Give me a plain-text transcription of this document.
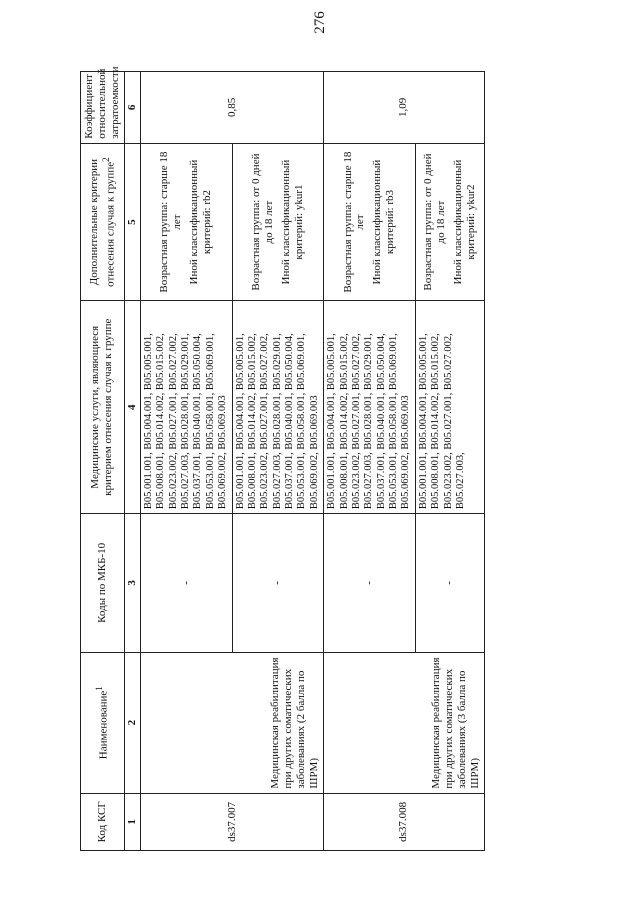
276
Код КСГ	Наименование$^1$	Коды по МКБ-10	Медицинские услуги, являющиеся критерием отнесения случая к группе	Дополнительные критерии отнесения случая к группе$^2$	Коэффициент относительной затратоемкости
1	2	3	4	5	6
ds37.007	Медицинская реабилитация при других соматических заболеваниях (2 балла по ШРМ)	-	B05.001.001, B05.004.001, B05.005.001, B05.008.001, B05.014.002, B05.015.002, B05.023.002, B05.027.001, B05.027.002, B05.027.003, B05.028.001, B05.029.001, B05.037.001, B05.040.001, B05.050.004, B05.053.001, B05.058.001, B05.069.001, B05.069.002, B05.069.003	Возрастная группа: старше 18 лет Иной классификационный критерий: rb2	0,85
		-	B05.001.001, B05.004.001, B05.005.001, B05.008.001, B05.014.002, B05.015.002, B05.023.002, B05.027.001, B05.027.002, B05.027.003, B05.028.001, B05.029.001, B05.037.001, B05.040.001, B05.050.004, B05.053.001, B05.058.001, B05.069.001, B05.069.002, B05.069.003	Возрастная группа: от 0 дней до 18 лет Иной классификационный критерий: ykur1	

ds37.008	Медицинская реабилитация при других соматических заболеваниях (3 балла по ШРМ)	-	B05.001.001, B05.004.001, B05.005.001, B05.008.001, B05.014.002, B05.015.002, B05.023.002, B05.027.001, B05.027.002, B05.027.003, B05.028.001, B05.029.001, B05.037.001, B05.040.001, B05.050.004, B05.053.001, B05.058.001, B05.069.001, B05.069.002, B05.069.003	Возрастная группа: старше 18 лет Иной классификационный критерий: rb3	1,09
		-	B05.001.001, B05.004.001, B05.005.001, B05.008.001, B05.014.002, B05.015.002, B05.023.002, B05.027.001, B05.027.002, B05.027.003,	Возрастная группа: от 0 дней до 18 лет Иной классификационный критерий: ykur2	
